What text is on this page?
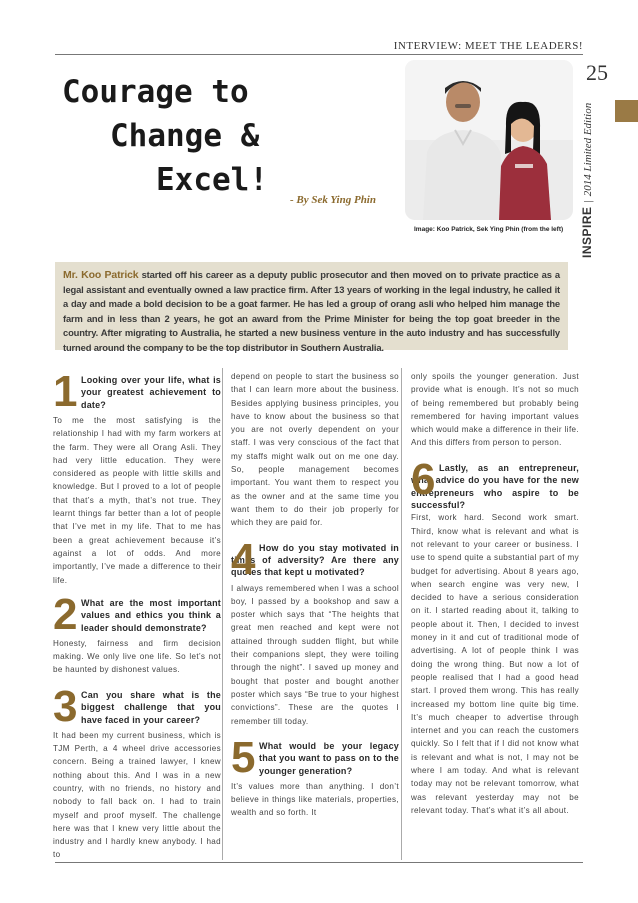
INTERVIEW: MEET THE LEADERS!
25
INSPIRE|2014 Limited Edition
Courage to
Change &
Excel!
- By Sek Ying Phin
Image: Koo Patrick, Sek Ying Phin (from the left)
Mr. Koo Patrick started off his career as a deputy public prosecutor and then moved on to private practice as a legal assistant and eventually owned a law practice firm. After 13 years of working in the legal industry, he called it a day and made a bold decision to be a goat farmer. He has led a group of orang asli who helped him manage the farm and in less than 2 years, he got an award from the Prime Minister for being the top goat breeder in the country. After migrating to Australia, he started a new business venture in the auto industry and has successfully turned around the company to be the top distributor in Southern Australia.
1 Looking over your life, what is your greatest achievement to date?

To me the most satisfying is the relationship I had with my farm workers at the farm. They were all Orang Asli. They had very little education. They were considered as people with little skills and knowledge. But I proved to a lot of people that that’s a myth, that’s not true. They learnt things far better than a lot of people that I’ve met in my life. That to me has been a great achievement because it’s against a lot of odds. And more importantly, I’ve made a difference to their life.

2 What are the most important values and ethics you think a leader should demonstrate?

Honesty, fairness and firm decision making. We only live one life. So let’s not be haunted by dishonest values.

3 Can you share what is the biggest challenge that you have faced in your career?

It had been my current business, which is TJM Perth, a 4 wheel drive accessories concern. Being a trained lawyer, I knew nothing about this. And I was in a new country, with no friends, no history and nobody to fall back on. I had to train myself and proof myself. The challenge here was that I knew very little about the industry and I hardly knew anybody. I had to

depend on people to start the business so that I can learn more about the business. Besides applying business principles, you have to know about the business so that you are not overly dependent on your staff. I was very conscious of the fact that my staffs might walk out on me one day. So, people management becomes important. You want them to respect you as the owner and at the same time you want them to do their job properly for which they are paid for.

4 How do you stay motivated in times of adversity? Are there any quotes that kept u motivated?

I always remembered when I was a school boy, I passed by a bookshop and saw a poster which says that “The heights that great men reached and kept were not attained through sudden flight, but while their companions slept, they were toiling through the night”. I saved up money and bought that poster and bought another poster which says “Be true to your highest convictions”. These are the quotes I remember till today.

5 What would be your legacy that you want to pass on to the younger generation?

It’s values more than anything. I don’t believe in things like materials, properties, wealth and so forth. It

only spoils the younger generation. Just provide what is enough. It’s not so much of being remembered but probably being remembered for having important values which would make a difference in their life. And this differs from person to person.

6 Lastly, as an entrepreneur, what advice do you have for the new entrepreneurs who aspire to be successful?

First, work hard. Second work smart. Third, know what is relevant and what is not relevant to your career or business. I use to spend quite a substantial part of my budget for advertising. About 8 years ago, when search engine was very new, I decided to have a serious consideration on it. I started reading about it, talking to people about it. Then, I decided to invest money in it and cut of traditional mode of advertising. A lot of people think I was doing the wrong thing. But now a lot of people realised that I had a good head start. I proved them wrong. This has really increased my bottom line quite big time. It’s much cheaper to advertise through internet and you can reach the customers quickly. So I felt that if I did not know what is relevant and what is not, I may not be where I am today. And what is relevant today may not be relevant tomorrow, what was relevant yesterday may not be relevant today. That’s what it’s all about.
